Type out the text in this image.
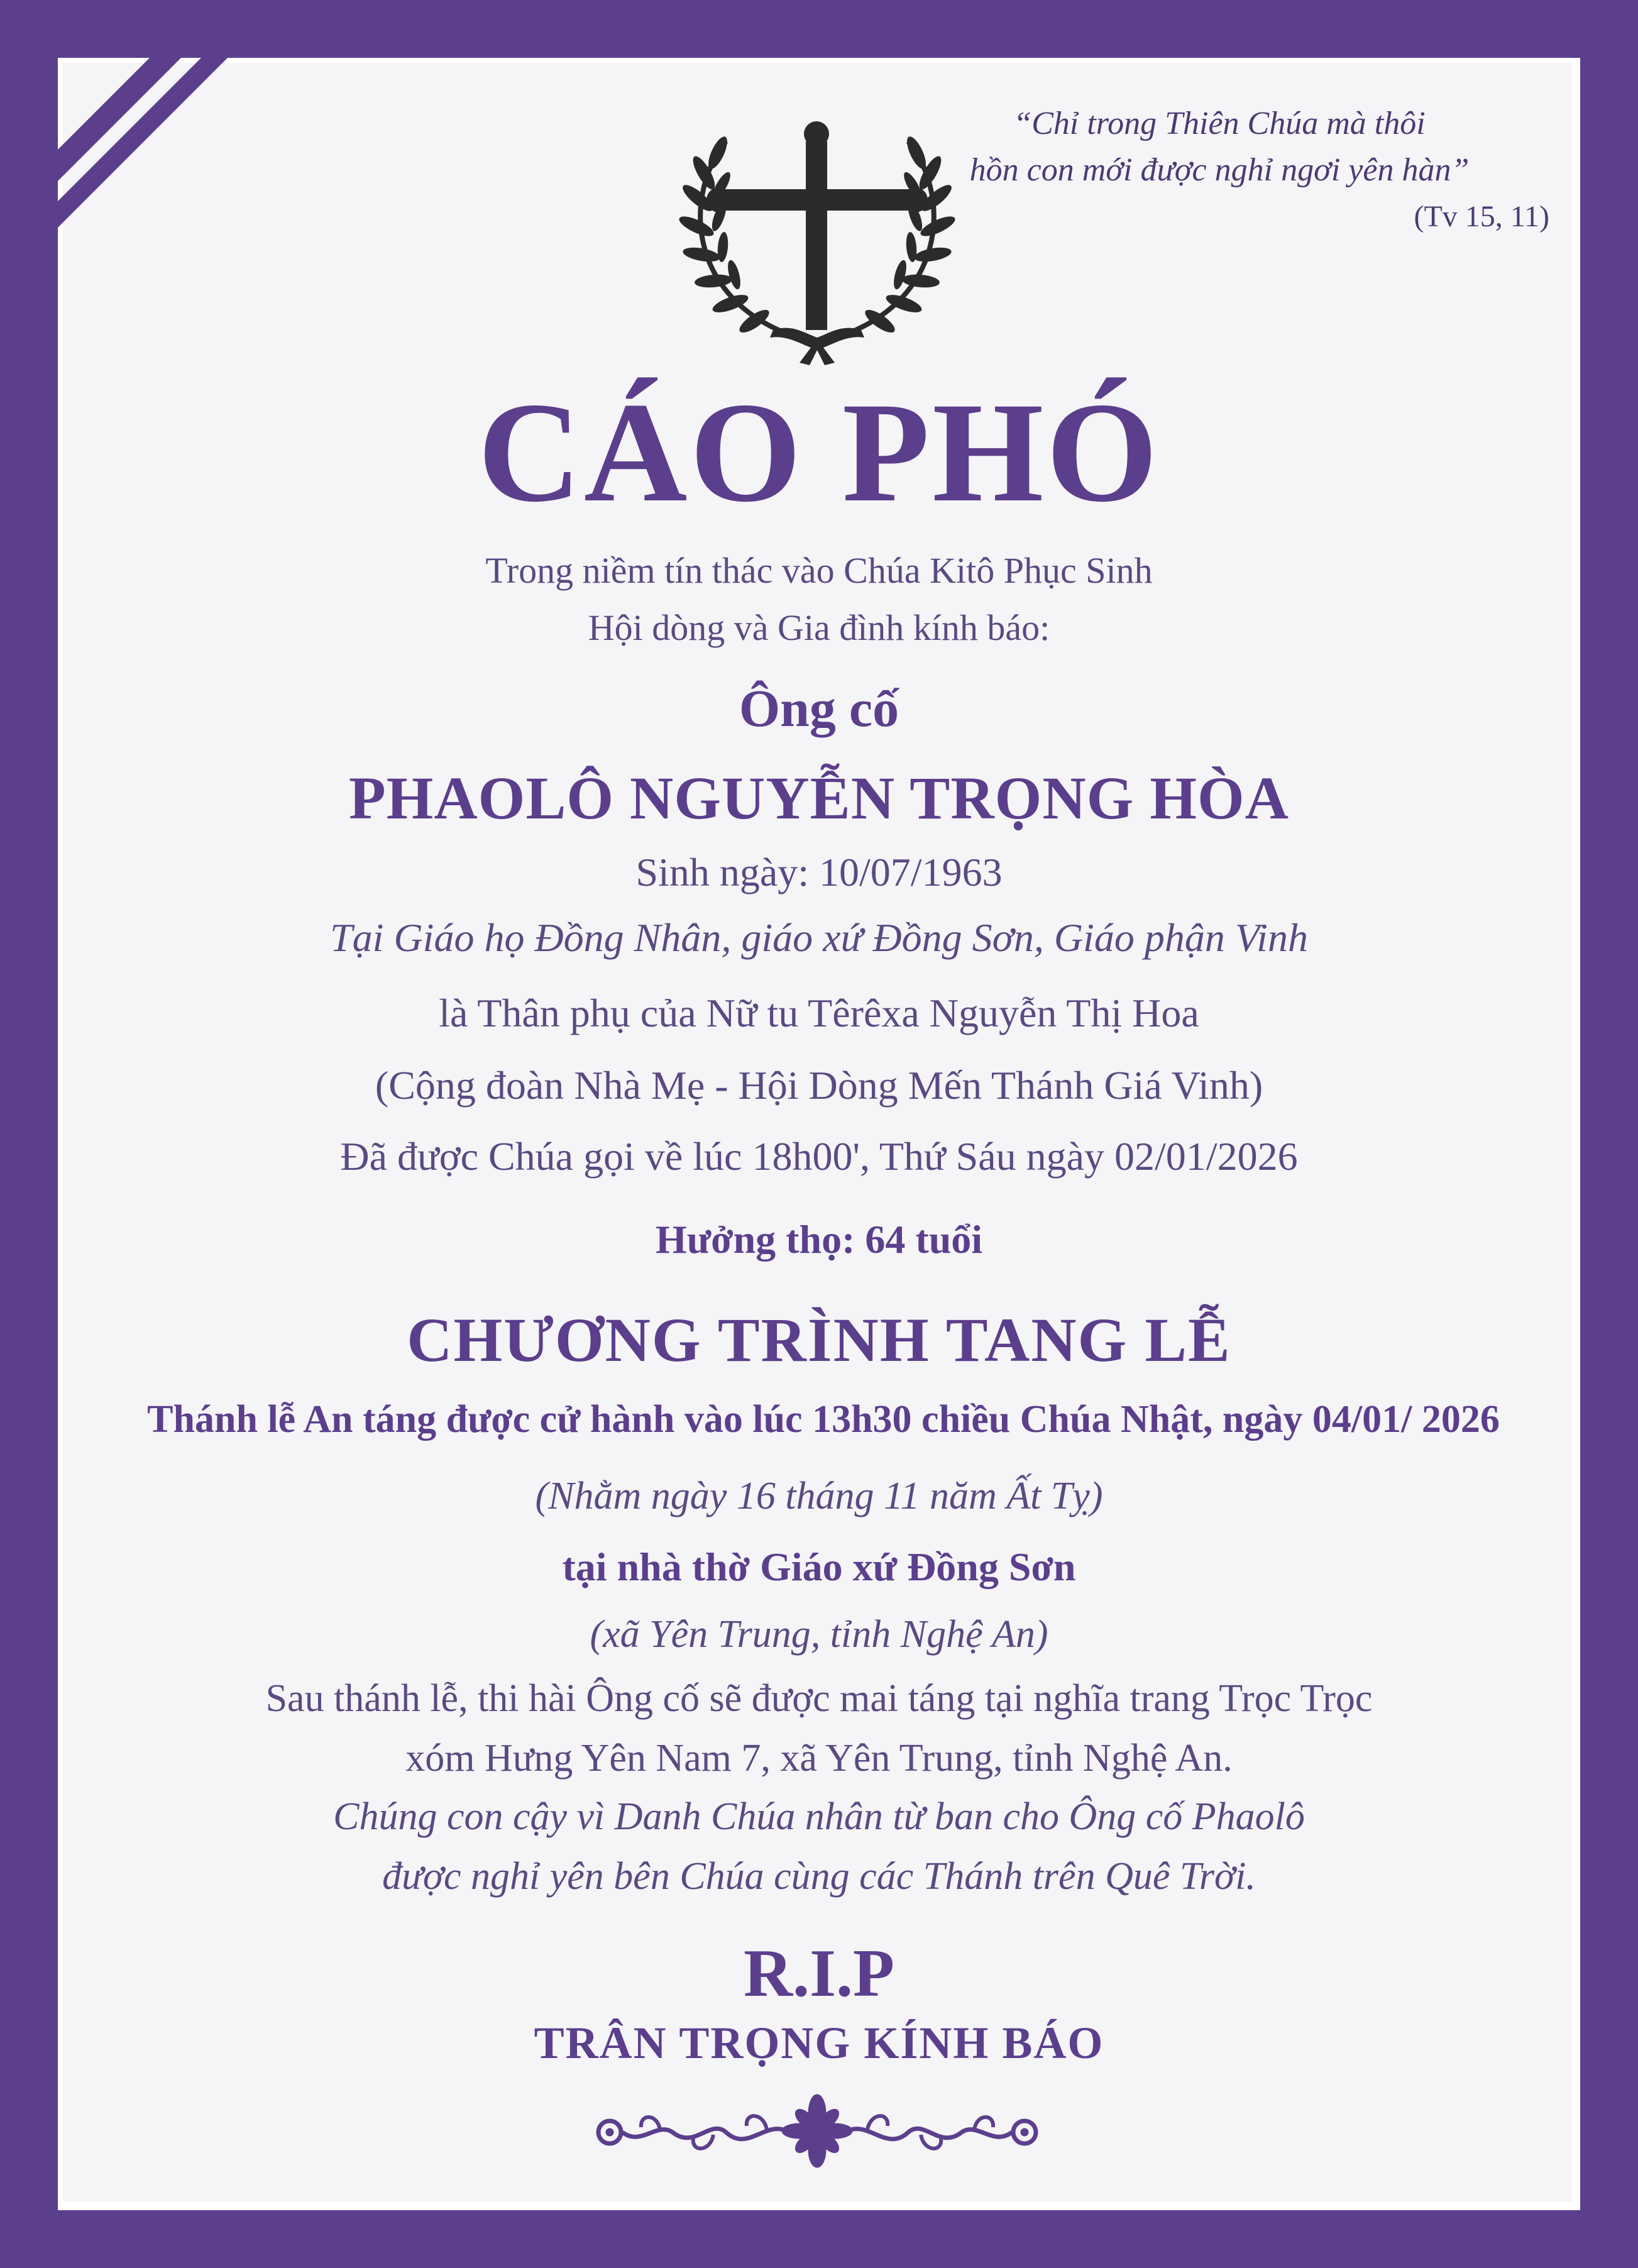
“Chỉ trong Thiên Chúa mà thôi
hồn con mới được nghỉ ngơi yên hàn”
(Tv 15, 11)
CÁO PHÓ
Trong niềm tín thác vào Chúa Kitô Phục Sinh
Hội dòng và Gia đình kính báo:
Ông cố
PHAOLÔ NGUYỄN TRỌNG HÒA
Sinh ngày: 10/07/1963
Tại Giáo họ Đồng Nhân, giáo xứ Đồng Sơn, Giáo phận Vinh
là Thân phụ của Nữ tu Têrêxa Nguyễn Thị Hoa
(Cộng đoàn Nhà Mẹ - Hội Dòng Mến Thánh Giá Vinh)
Đã được Chúa gọi về lúc 18h00', Thứ Sáu ngày 02/01/2026
Hưởng thọ: 64 tuổi
CHƯƠNG TRÌNH TANG LỄ
Thánh lễ An táng được cử hành vào lúc 13h30 chiều Chúa Nhật, ngày 04/01/ 2026
(Nhằm ngày 16 tháng 11 năm Ất Tỵ)
tại nhà thờ Giáo xứ Đồng Sơn
(xã Yên Trung, tỉnh Nghệ An)
Sau thánh lễ, thi hài Ông cố sẽ được mai táng tại nghĩa trang Trọc Trọc
xóm Hưng Yên Nam 7, xã Yên Trung, tỉnh Nghệ An.
Chúng con cậy vì Danh Chúa nhân từ ban cho Ông cố Phaolô
được nghỉ yên bên Chúa cùng các Thánh trên Quê Trời.
R.I.P
TRÂN TRỌNG KÍNH BÁO
